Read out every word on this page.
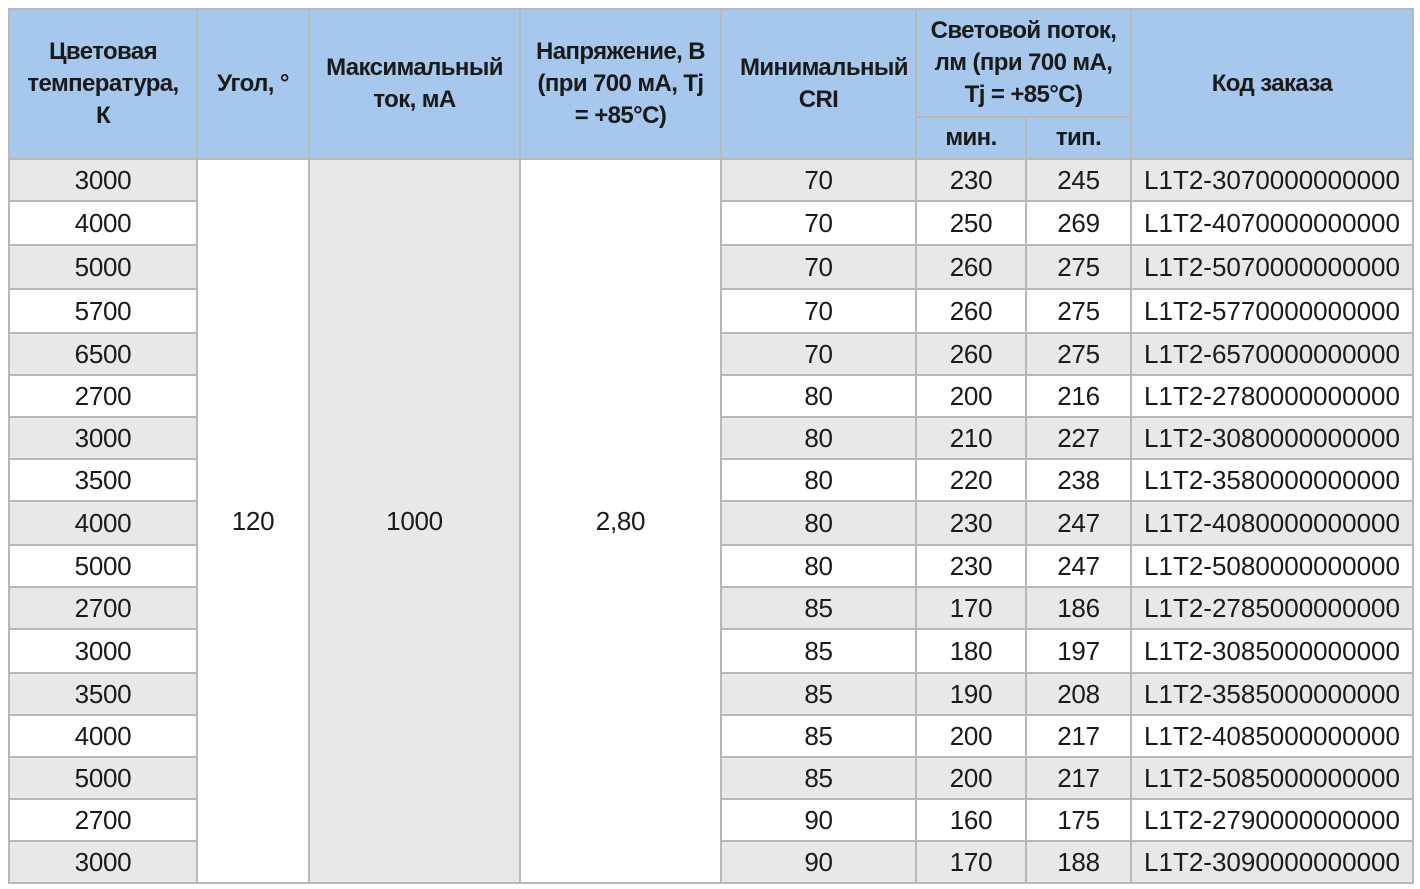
Цветовая температура, К	Угол, °	Максимальный ток, мА	Напряжение, В (при 700 мА, Tj = +85°C)	Минимальный CRI	Световой поток, лм (при 700 мА, Tj = +85°C)		Код заказа
					мин.	тип.	
3000	120	1000	2,80	70	230	245	L1T2-3070000000000
4000				70	250	269	L1T2-4070000000000
5000				70	260	275	L1T2-5070000000000
5700				70	260	275	L1T2-5770000000000
6500				70	260	275	L1T2-6570000000000
2700				80	200	216	L1T2-2780000000000
3000				80	210	227	L1T2-3080000000000
3500				80	220	238	L1T2-3580000000000
4000				80	230	247	L1T2-4080000000000
5000				80	230	247	L1T2-5080000000000
2700				85	170	186	L1T2-2785000000000
3000				85	180	197	L1T2-3085000000000
3500				85	190	208	L1T2-3585000000000
4000				85	200	217	L1T2-4085000000000
5000				85	200	217	L1T2-5085000000000
2700				90	160	175	L1T2-2790000000000
3000				90	170	188	L1T2-3090000000000
